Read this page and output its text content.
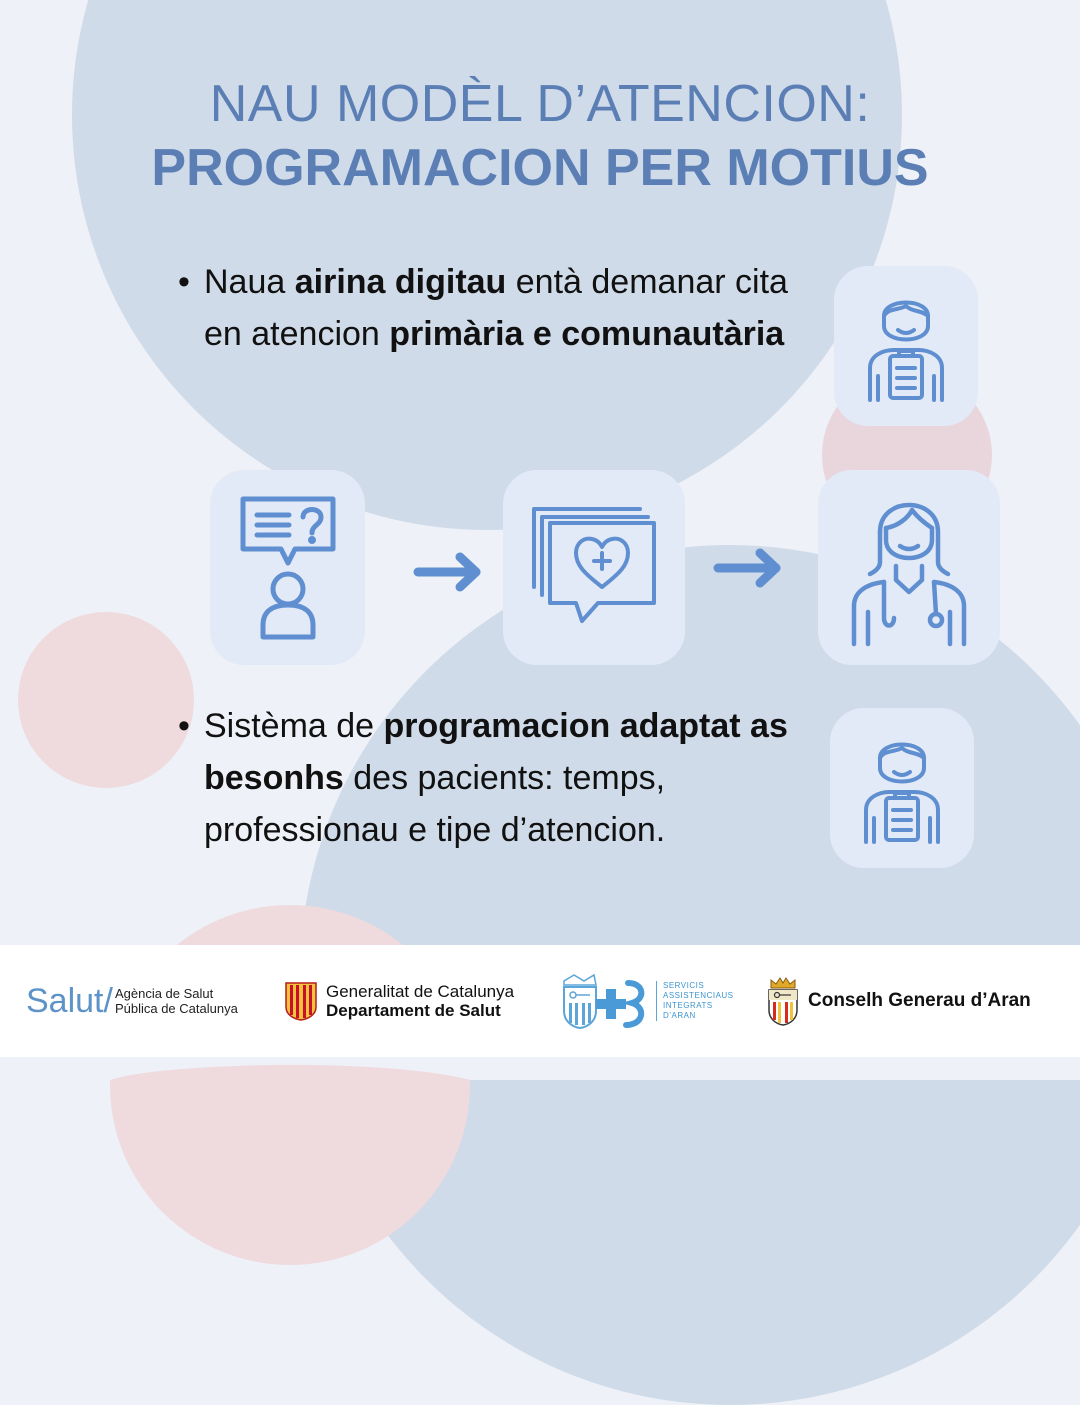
NAU MODÈL D’ATENCION:
PROGRAMACION PER MOTIUS
• Naua airina digitau entà demanar cita en atencion primària e comunautària
• Sistèma de programacion adaptat as besonhs des pacients: temps, professionau e tipe d’atencion.
Salut/ Agència de Salut
Pública de Catalunya
Generalitat de Catalunya
Departament de Salut
SERVICIS
ASSISTENCIAUS
INTEGRATS
D’ARAN
Conselh Generau d’Aran
